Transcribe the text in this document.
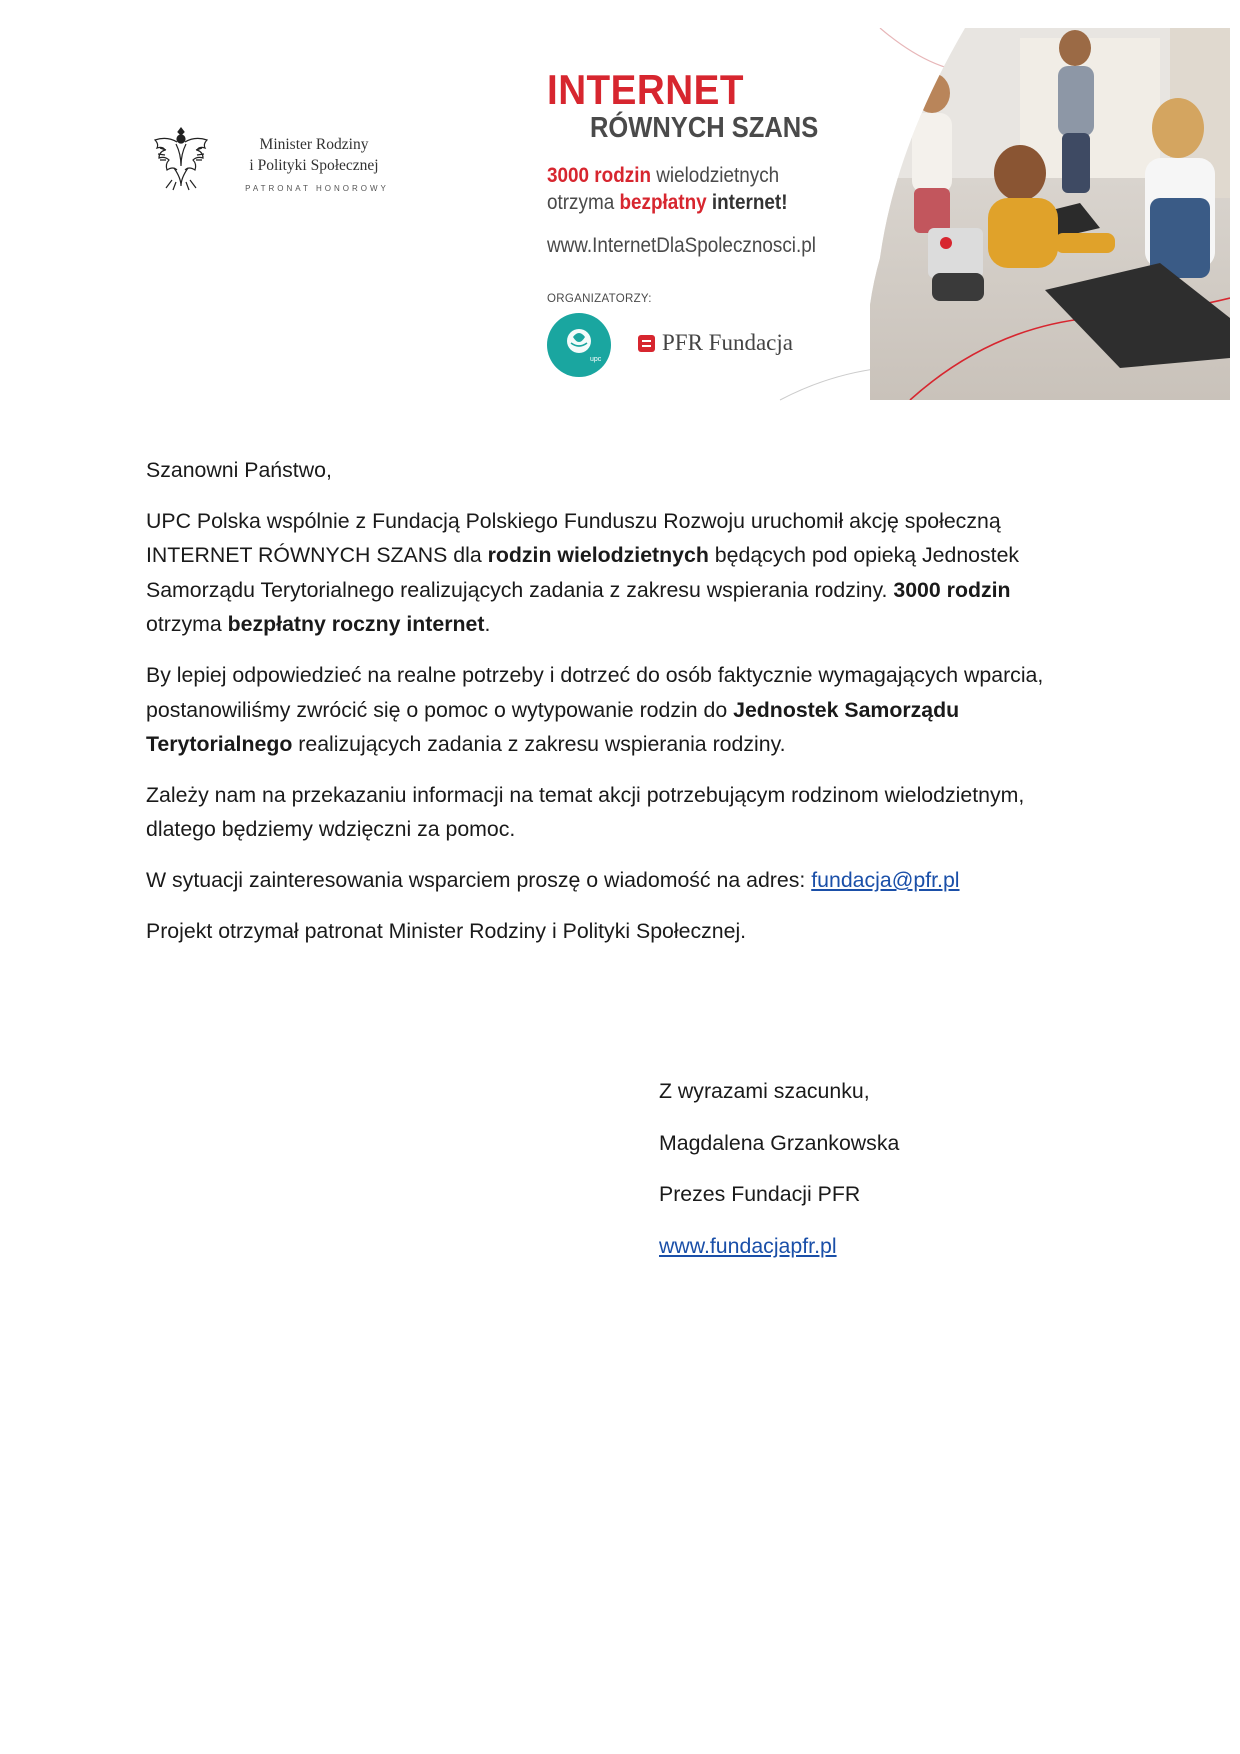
Minister Rodziny
i Polityki Społecznej
PATRONAT HONOROWY
INTERNET
RÓWNYCH SZANS
3000 rodzin wielodzietnych
otrzyma bezpłatny internet!
www.InternetDlaSpolecznosci.pl
ORGANIZATORZY:
upc
PFR Fundacja

Szanowni Państwo,

UPC Polska wspólnie z Fundacją Polskiego Funduszu Rozwoju uruchomił akcję społeczną INTERNET RÓWNYCH SZANS dla rodzin wielodzietnych będących pod opieką Jednostek Samorządu Terytorialnego realizujących zadania z zakresu wspierania rodziny. 3000 rodzin otrzyma bezpłatny roczny internet.

By lepiej odpowiedzieć na realne potrzeby i dotrzeć do osób faktycznie wymagających wparcia, postanowiliśmy zwrócić się o pomoc o wytypowanie rodzin do Jednostek Samorządu Terytorialnego realizujących zadania z zakresu wspierania rodziny.

Zależy nam na przekazaniu informacji na temat akcji potrzebującym rodzinom wielodzietnym, dlatego będziemy wdzięczni za pomoc.

W sytuacji zainteresowania wsparciem proszę o wiadomość na adres: fundacja@pfr.pl

Projekt otrzymał patronat Minister Rodziny i Polityki Społecznej.

Z wyrazami szacunku,

Magdalena Grzankowska

Prezes Fundacji PFR

www.fundacjapfr.pl
